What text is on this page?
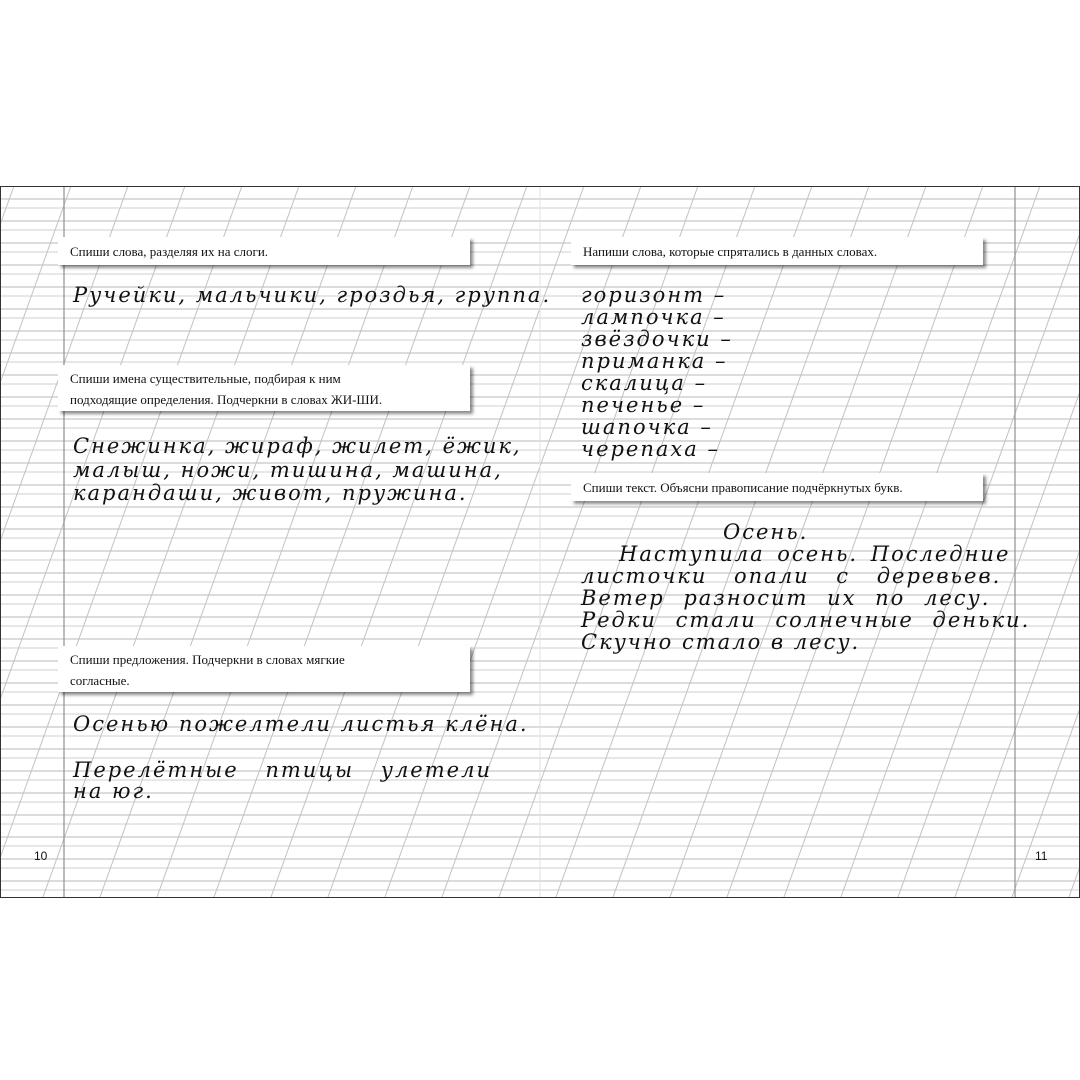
Спиши слова, разделяя их на слоги.
Ручейки, мальчики, гроздья, группа.
Спиши имена существительные, подбирая к ним
подходящие определения. Подчеркни в словах ЖИ-ШИ.
Снежинка, жираф, жилет, ёжик,
малыш, ножи, тишина, машина,
карандаши, живот, пружина.
Спиши предложения. Подчеркни в словах мягкие
согласные.
Осенью пожелтели листья клёна.
Перелётные птицы улетели
на юг.
10
Напиши слова, которые спрятались в данных словах.
горизонт –
лампочка –
звёздочки –
приманка –
скалица –
печенье –
шапочка –
черепаха –
Спиши текст. Объясни правописание подчёркнутых букв.
Осень.
Наступила осень. Последние
листочки опали с деревьев.
Ветер разносит их по лесу.
Редки стали солнечные деньки.
Скучно стало в лесу.
11
